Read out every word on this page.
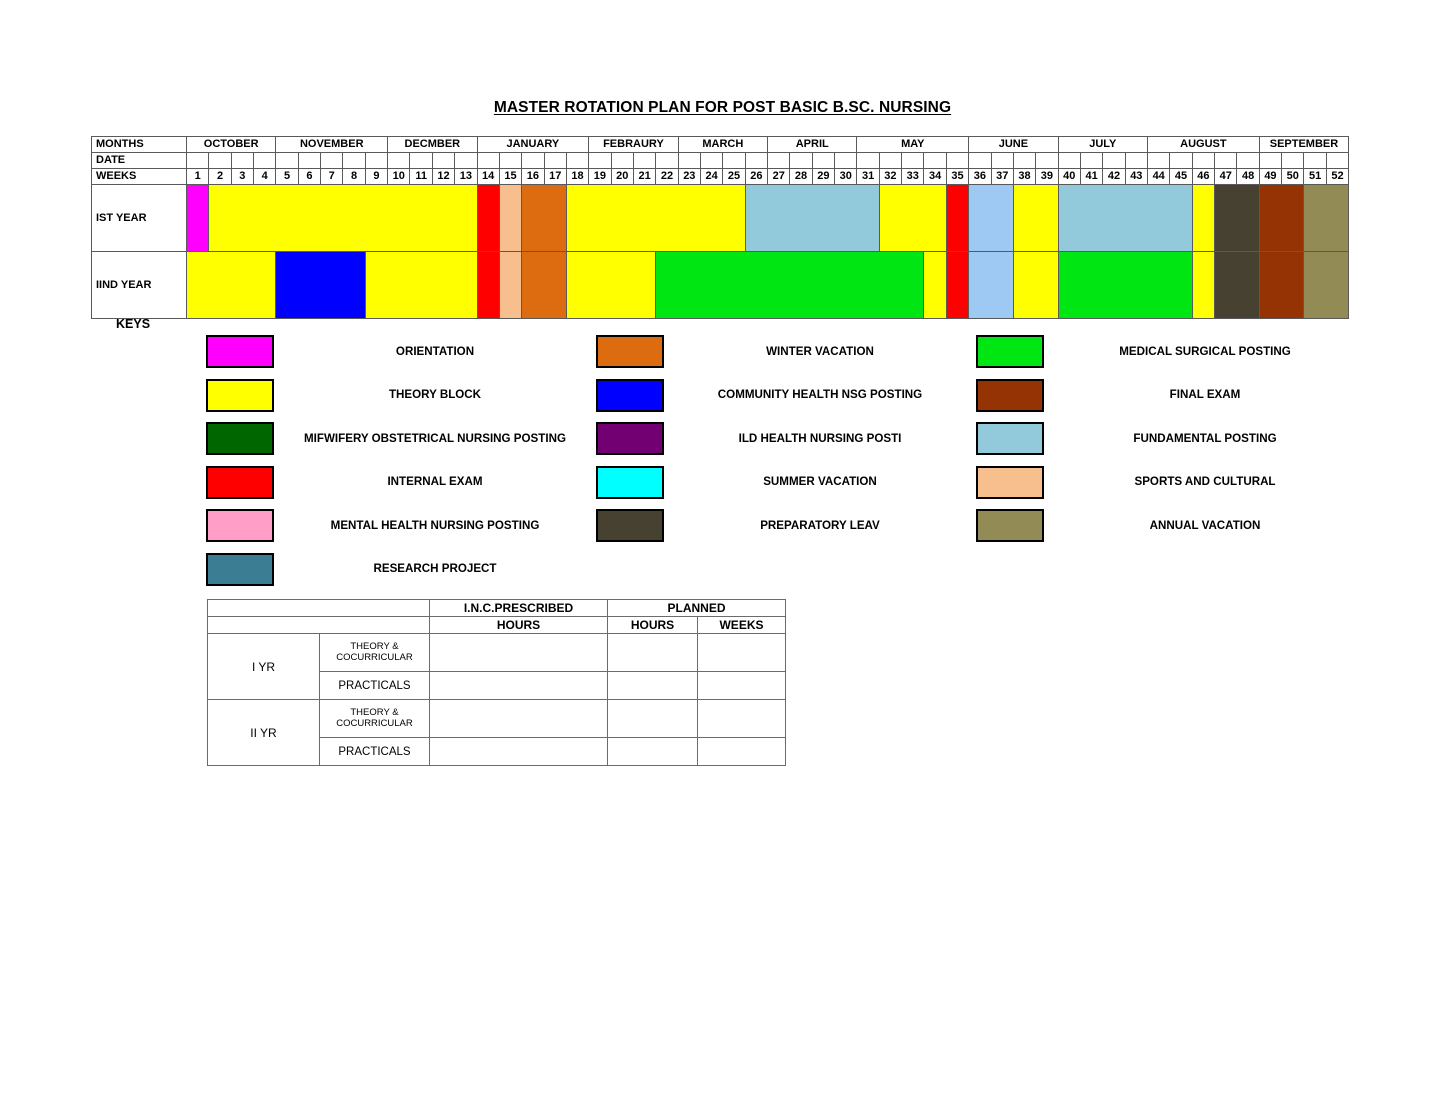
MASTER ROTATION PLAN FOR POST BASIC B.SC. NURSING
MONTHS	OCTOBER				NOVEMBER					DECMBER				JANUARY					FEBRAURY				MARCH				APRIL				MAY					JUNE				JULY				AUGUST					SEPTEMBER			
DATE																																																				
WEEKS	1	2	3	4	5	6	7	8	9	10	11	12	13	14	15	16	17	18	19	20	21	22	23	24	25	26	27	28	29	30	31	32	33	34	35	36	37	38	39	40	41	42	43	44	45	46	47	48	49	50	51	52
IST YEAR																																																				
IIND YEAR																																																				
KEYS
ORIENTATION	WINTER VACATION	MEDICAL SURGICAL POSTING
THEORY BLOCK	COMMUNITY HEALTH NSG POSTING	FINAL EXAM
MIFWIFERY OBSTETRICAL NURSING POSTING	ILD HEALTH NURSING POSTI	FUNDAMENTAL POSTING
INTERNAL EXAM	SUMMER VACATION	SPORTS AND CULTURAL
MENTAL HEALTH NURSING POSTING	PREPARATORY LEAV	ANNUAL VACATION
RESEARCH PROJECT
		I.N.C.PRESCRIBED	PLANNED	
		HOURS	HOURS	WEEKS
I YR	THEORY & COCURRICULAR			
	PRACTICALS			
II YR	THEORY & COCURRICULAR			
	PRACTICALS			
